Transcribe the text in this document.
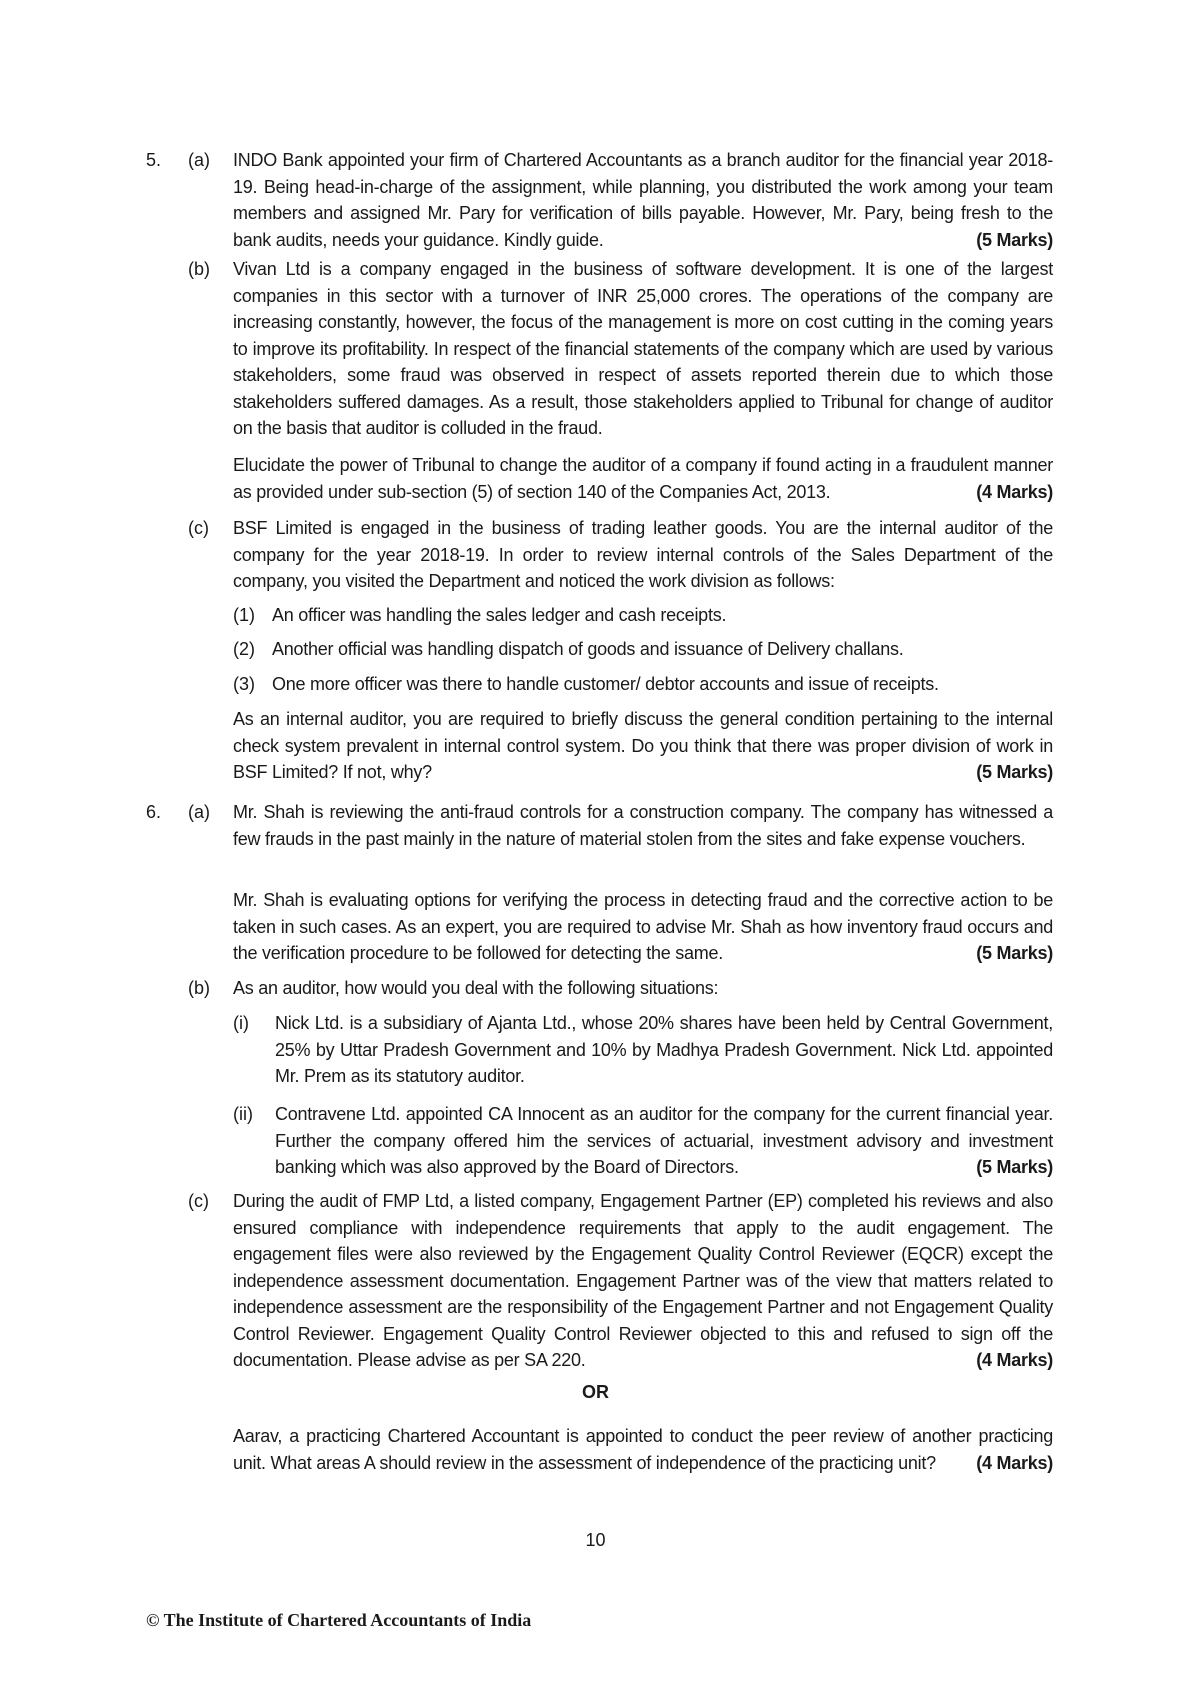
5. (a) INDO Bank appointed your firm of Chartered Accountants as a branch auditor for the financial year 2018-19. Being head-in-charge of the assignment, while planning, you distributed the work among your team members and assigned Mr. Pary for verification of bills payable. However, Mr. Pary, being fresh to the bank audits, needs your guidance. Kindly guide.	(5 Marks)
(b) Vivan Ltd is a company engaged in the business of software development. It is one of the largest companies in this sector with a turnover of INR 25,000 crores. The operations of the company are increasing constantly, however, the focus of the management is more on cost cutting in the coming years to improve its profitability. In respect of the financial statements of the company which are used by various stakeholders, some fraud was observed in respect of assets reported therein due to which those stakeholders suffered damages. As a result, those stakeholders applied to Tribunal for change of auditor on the basis that auditor is colluded in the fraud.
Elucidate the power of Tribunal to change the auditor of a company if found acting in a fraudulent manner as provided under sub-section (5) of section 140 of the Companies Act, 2013.	(4 Marks)
(c) BSF Limited is engaged in the business of trading leather goods. You are the internal auditor of the company for the year 2018-19. In order to review internal controls of the Sales Department of the company, you visited the Department and noticed the work division as follows:
(1) An officer was handling the sales ledger and cash receipts.
(2) Another official was handling dispatch of goods and issuance of Delivery challans.
(3) One more officer was there to handle customer/ debtor accounts and issue of receipts.
As an internal auditor, you are required to briefly discuss the general condition pertaining to the internal check system prevalent in internal control system. Do you think that there was proper division of work in BSF Limited? If not, why?	(5 Marks)
6. (a) Mr. Shah is reviewing the anti-fraud controls for a construction company. The company has witnessed a few frauds in the past mainly in the nature of material stolen from the sites and fake expense vouchers.
Mr. Shah is evaluating options for verifying the process in detecting fraud and the corrective action to be taken in such cases. As an expert, you are required to advise Mr. Shah as how inventory fraud occurs and the verification procedure to be followed for detecting the same.	(5 Marks)
(b) As an auditor, how would you deal with the following situations:
(i) Nick Ltd. is a subsidiary of Ajanta Ltd., whose 20% shares have been held by Central Government, 25% by Uttar Pradesh Government and 10% by Madhya Pradesh Government. Nick Ltd. appointed Mr. Prem as its statutory auditor.
(ii) Contravene Ltd. appointed CA Innocent as an auditor for the company for the current financial year. Further the company offered him the services of actuarial, investment advisory and investment banking which was also approved by the Board of Directors.	(5 Marks)
(c) During the audit of FMP Ltd, a listed company, Engagement Partner (EP) completed his reviews and also ensured compliance with independence requirements that apply to the audit engagement. The engagement files were also reviewed by the Engagement Quality Control Reviewer (EQCR) except the independence assessment documentation. Engagement Partner was of the view that matters related to independence assessment are the responsibility of the Engagement Partner and not Engagement Quality Control Reviewer. Engagement Quality Control Reviewer objected to this and refused to sign off the documentation. Please advise as per SA 220.	(4 Marks)
OR
Aarav, a practicing Chartered Accountant is appointed to conduct the peer review of another practicing unit. What areas A should review in the assessment of independence of the practicing unit? (4 Marks)
10
© The Institute of Chartered Accountants of India
